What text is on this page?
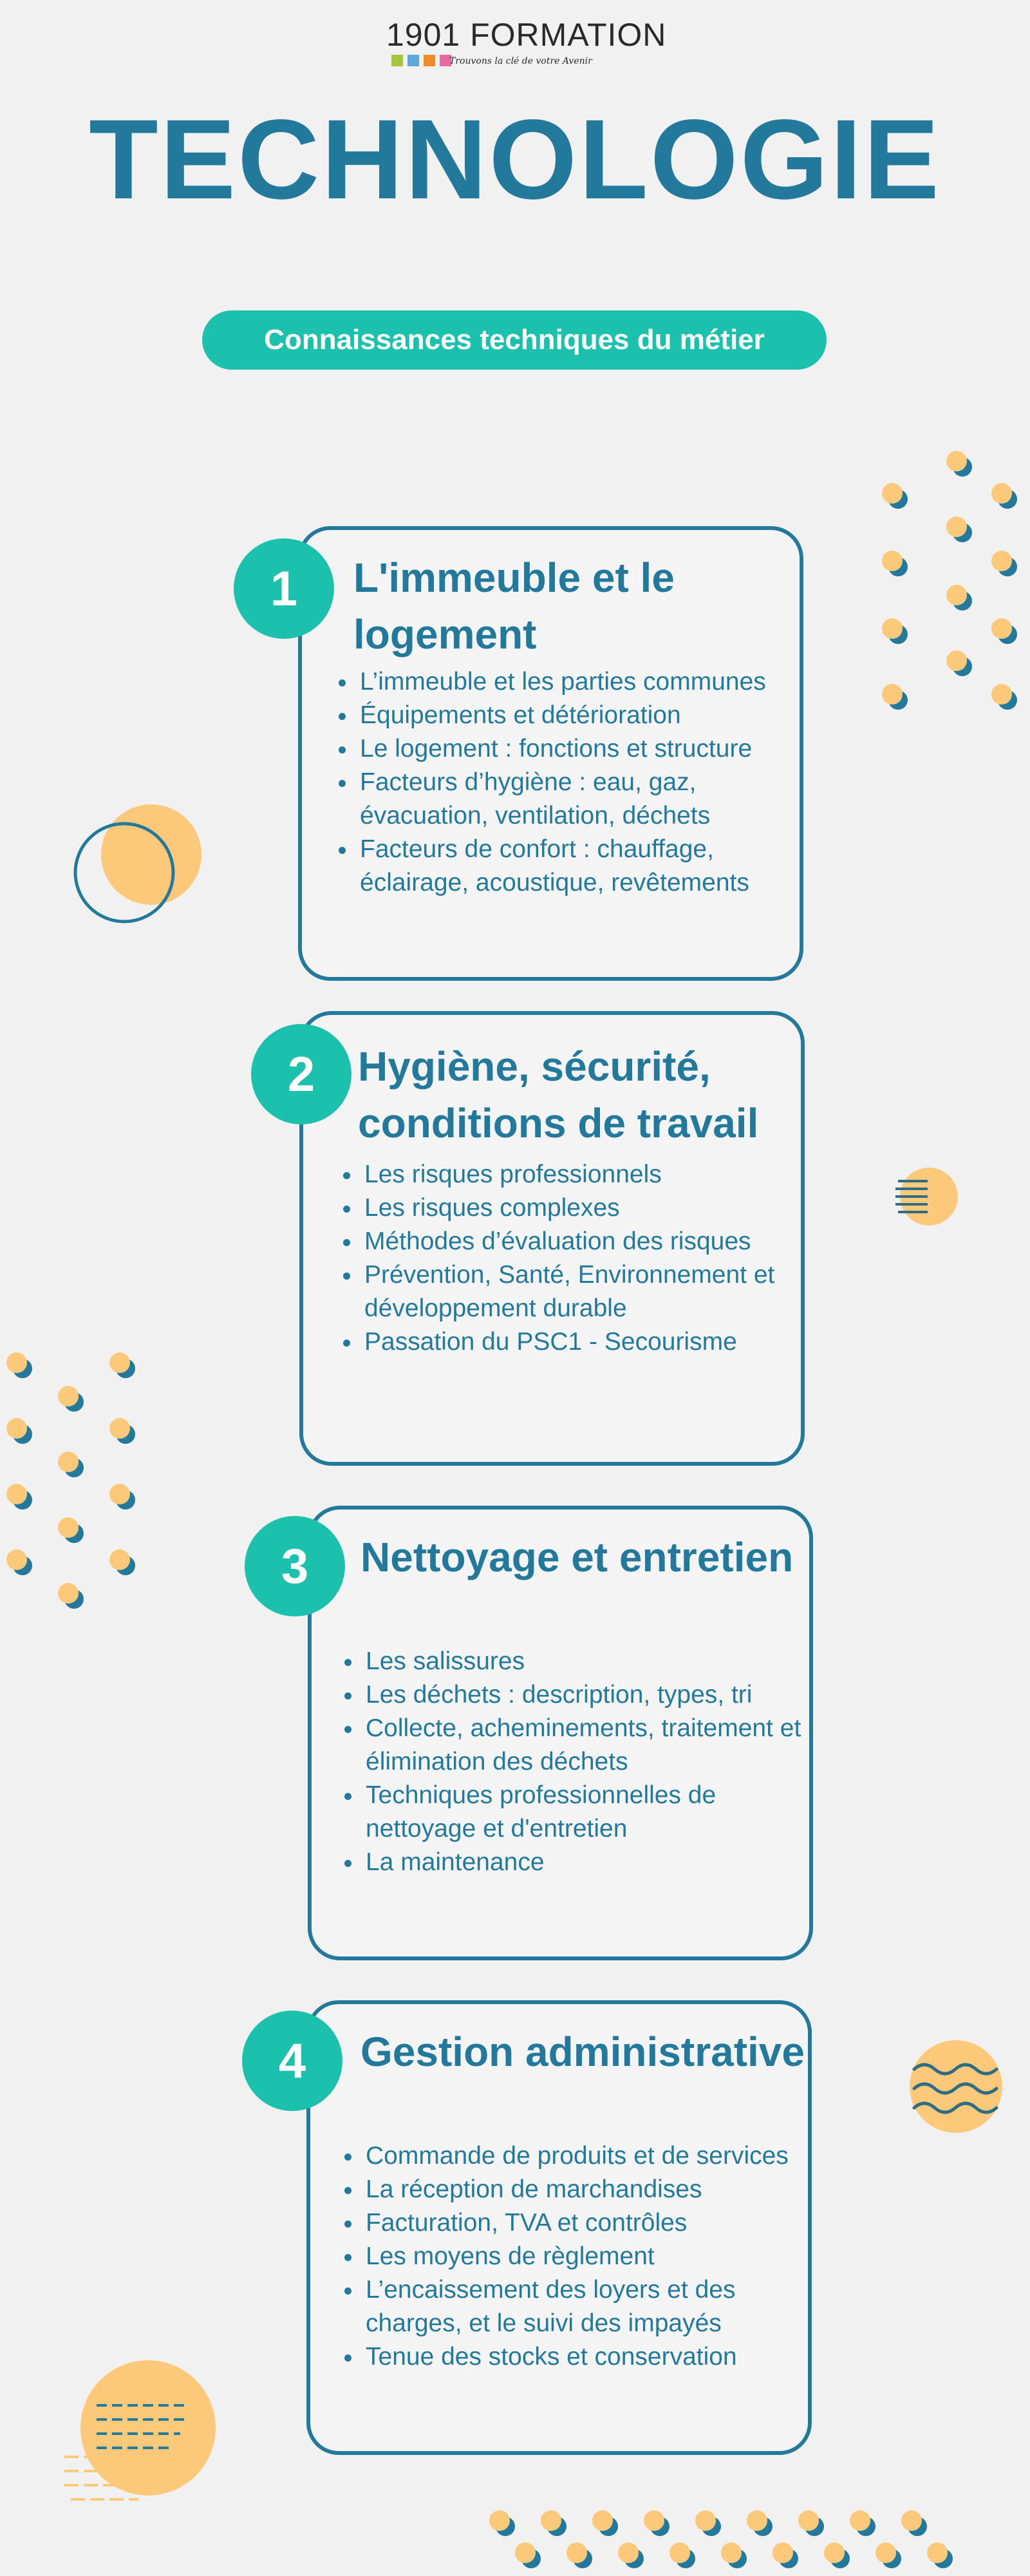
1901 FORMATION
Trouvons la clé de votre Avenir
TECHNOLOGIE
Connaissances techniques du métier
L'immeuble et le logement
• L’immeuble et les parties communes
• Équipements et détérioration
• Le logement : fonctions et structure
• Facteurs d’hygiène : eau, gaz, évacuation, ventilation, déchets
• Facteurs de confort : chauffage, éclairage, acoustique, revêtements
1
Hygiène, sécurité, conditions de travail
• Les risques professionnels
• Les risques complexes
• Méthodes d’évaluation des risques
• Prévention, Santé, Environnement et développement durable
• Passation du PSC1 - Secourisme
2
Nettoyage et entretien
• Les salissures
• Les déchets : description, types, tri
• Collecte, acheminements, traitement et élimination des déchets
• Techniques professionnelles de nettoyage et d'entretien
• La maintenance
3
Gestion administrative
• Commande de produits et de services
• La réception de marchandises
• Facturation, TVA et contrôles
• Les moyens de règlement
• L’encaissement des loyers et des charges, et le suivi des impayés
• Tenue des stocks et conservation
4
